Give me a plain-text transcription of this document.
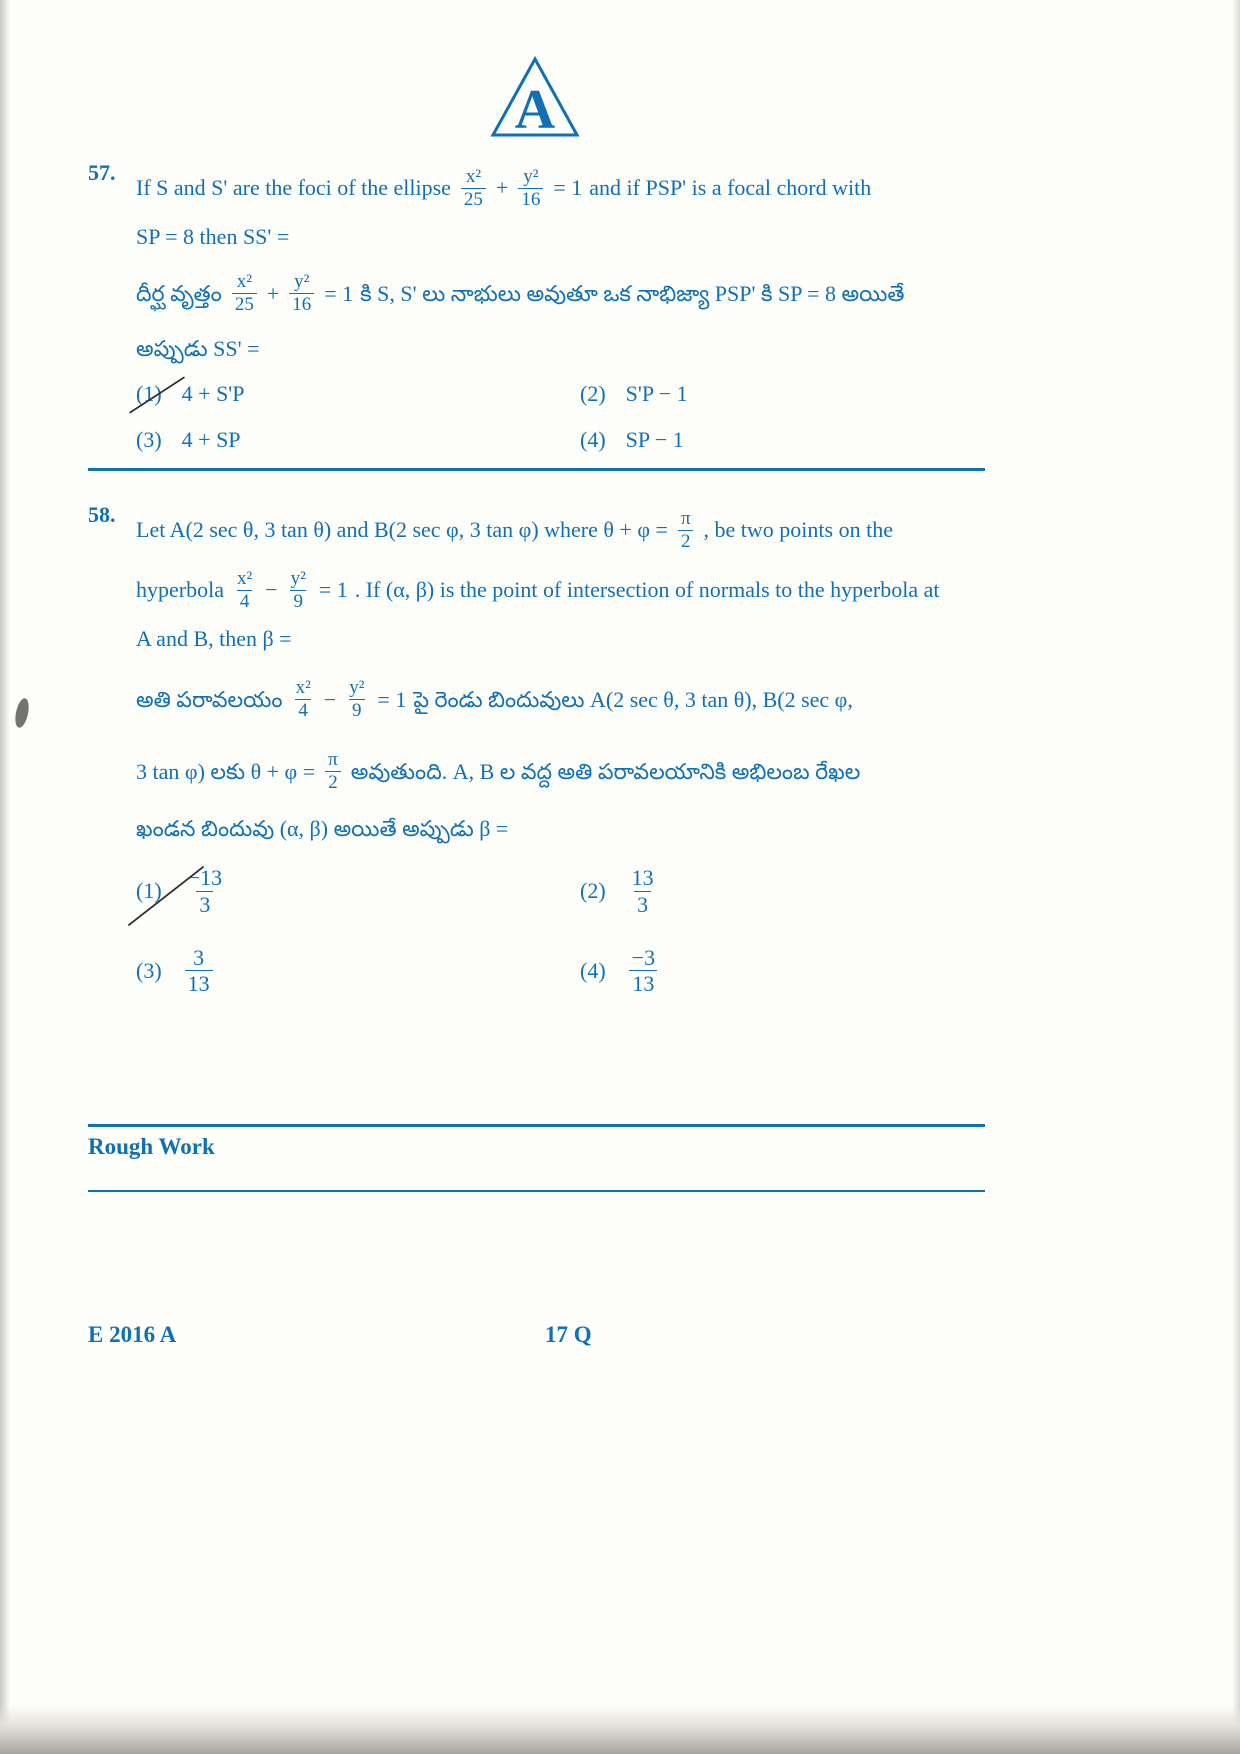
A
57.
If S and S' are the foci of the ellipse $\frac{\text{x²}}{25} + \frac{\text{y²}}{16} = 1$ and if PSP' is a focal chord with
SP = 8 then SS' =
దీర్ఘ వృత్తం $\frac{\text{x²}}{25} + \frac{\text{y²}}{16} = 1$ కి S, S' లు నాభులు అవుతూ ఒక నాభిజ్యా PSP' కి SP = 8 అయితే
అప్పుడు SS' =
(1) 4 + S'P	(2) S'P − 1
(3) 4 + SP	(4) SP − 1
58.
Let A(2 sec θ, 3 tan θ) and B(2 sec φ, 3 tan φ) where $\theta + \varphi = \frac{\pi}{2}$ , be two points on the
hyperbola $\frac{\text{x²}}{4} - \frac{\text{y²}}{9} = 1$ . If (α, β) is the point of intersection of normals to the hyperbola at
A and B, then β =
అతి పరావలయం $\frac{\text{x²}}{4} - \frac{\text{y²}}{9} = 1$ పై రెండు బిందువులు A(2 sec θ, 3 tan θ), B(2 sec φ,
3 tan φ) లకు $\theta + \varphi = \frac{\pi}{2}$ అవుతుంది. A, B ల వద్ద అతి పరావలయానికి అభిలంబ రేఖల
ఖండన బిందువు (α, β) అయితే అప్పుడు β =
$(1) \frac{-13}{3}$	$(2) \frac{13}{3}$
$(3) \frac{3}{13}$	$(4) \frac{-3}{13}$
Rough Work
E 2016 A	17 Q
